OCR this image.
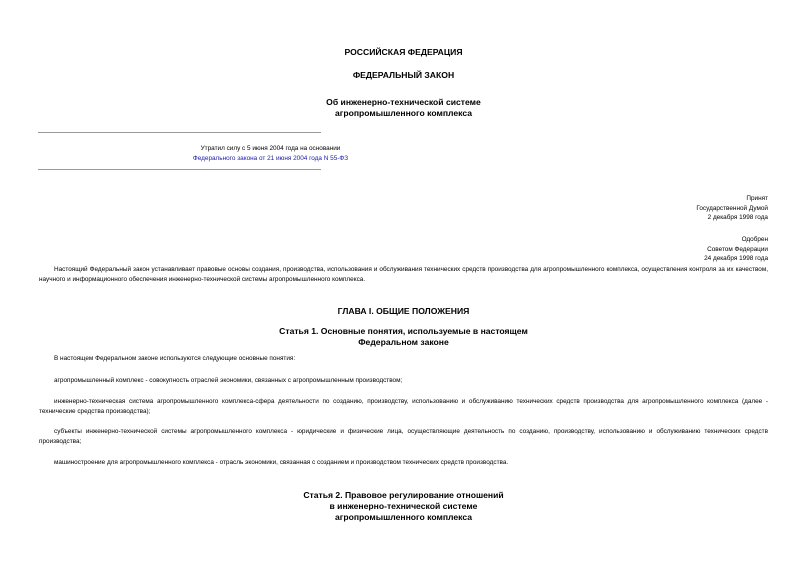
РОССИЙСКАЯ ФЕДЕРАЦИЯ
ФЕДЕРАЛЬНЫЙ ЗАКОН
Об инженерно-технической системе
агропромышленного комплекса
Утратил силу с 5 июня 2004 года на основании
Федерального закона от 21 июня 2004 года N 55-ФЗ
Принят
Государственной Думой
2 декабря 1998 года
Одобрен
Советом Федерации
24 декабря 1998 года
Настоящий Федеральный закон устанавливает правовые основы создания, производства, использования и обслуживания технических средств производства для агропромышленного комплекса, осуществления контроля за их качеством, научного и информационного обеспечения инженерно-технической системы агропромышленного комплекса.
ГЛАВА I. ОБЩИЕ ПОЛОЖЕНИЯ
Статья 1. Основные понятия, используемые в настоящем
Федеральном законе
В настоящем Федеральном законе используются следующие основные понятия:
агропромышленный комплекс - совокупность отраслей экономики, связанных с агропромышленным производством;
инженерно-техническая система агропромышленного комплекса-сфера деятельности по созданию, производству, использованию и обслуживанию технических средств производства для агропромышленного комплекса (далее - технические средства производства);
субъекты инженерно-технической системы агропромышленного комплекса - юридические и физические лица, осуществляющие деятельность по созданию, производству, использованию и обслуживанию технических средств производства;
машиностроение для агропромышленного комплекса - отрасль экономики, связанная с созданием и производством технических средств производства.
Статья 2. Правовое регулирование отношений
в инженерно-технической системе
агропромышленного комплекса
